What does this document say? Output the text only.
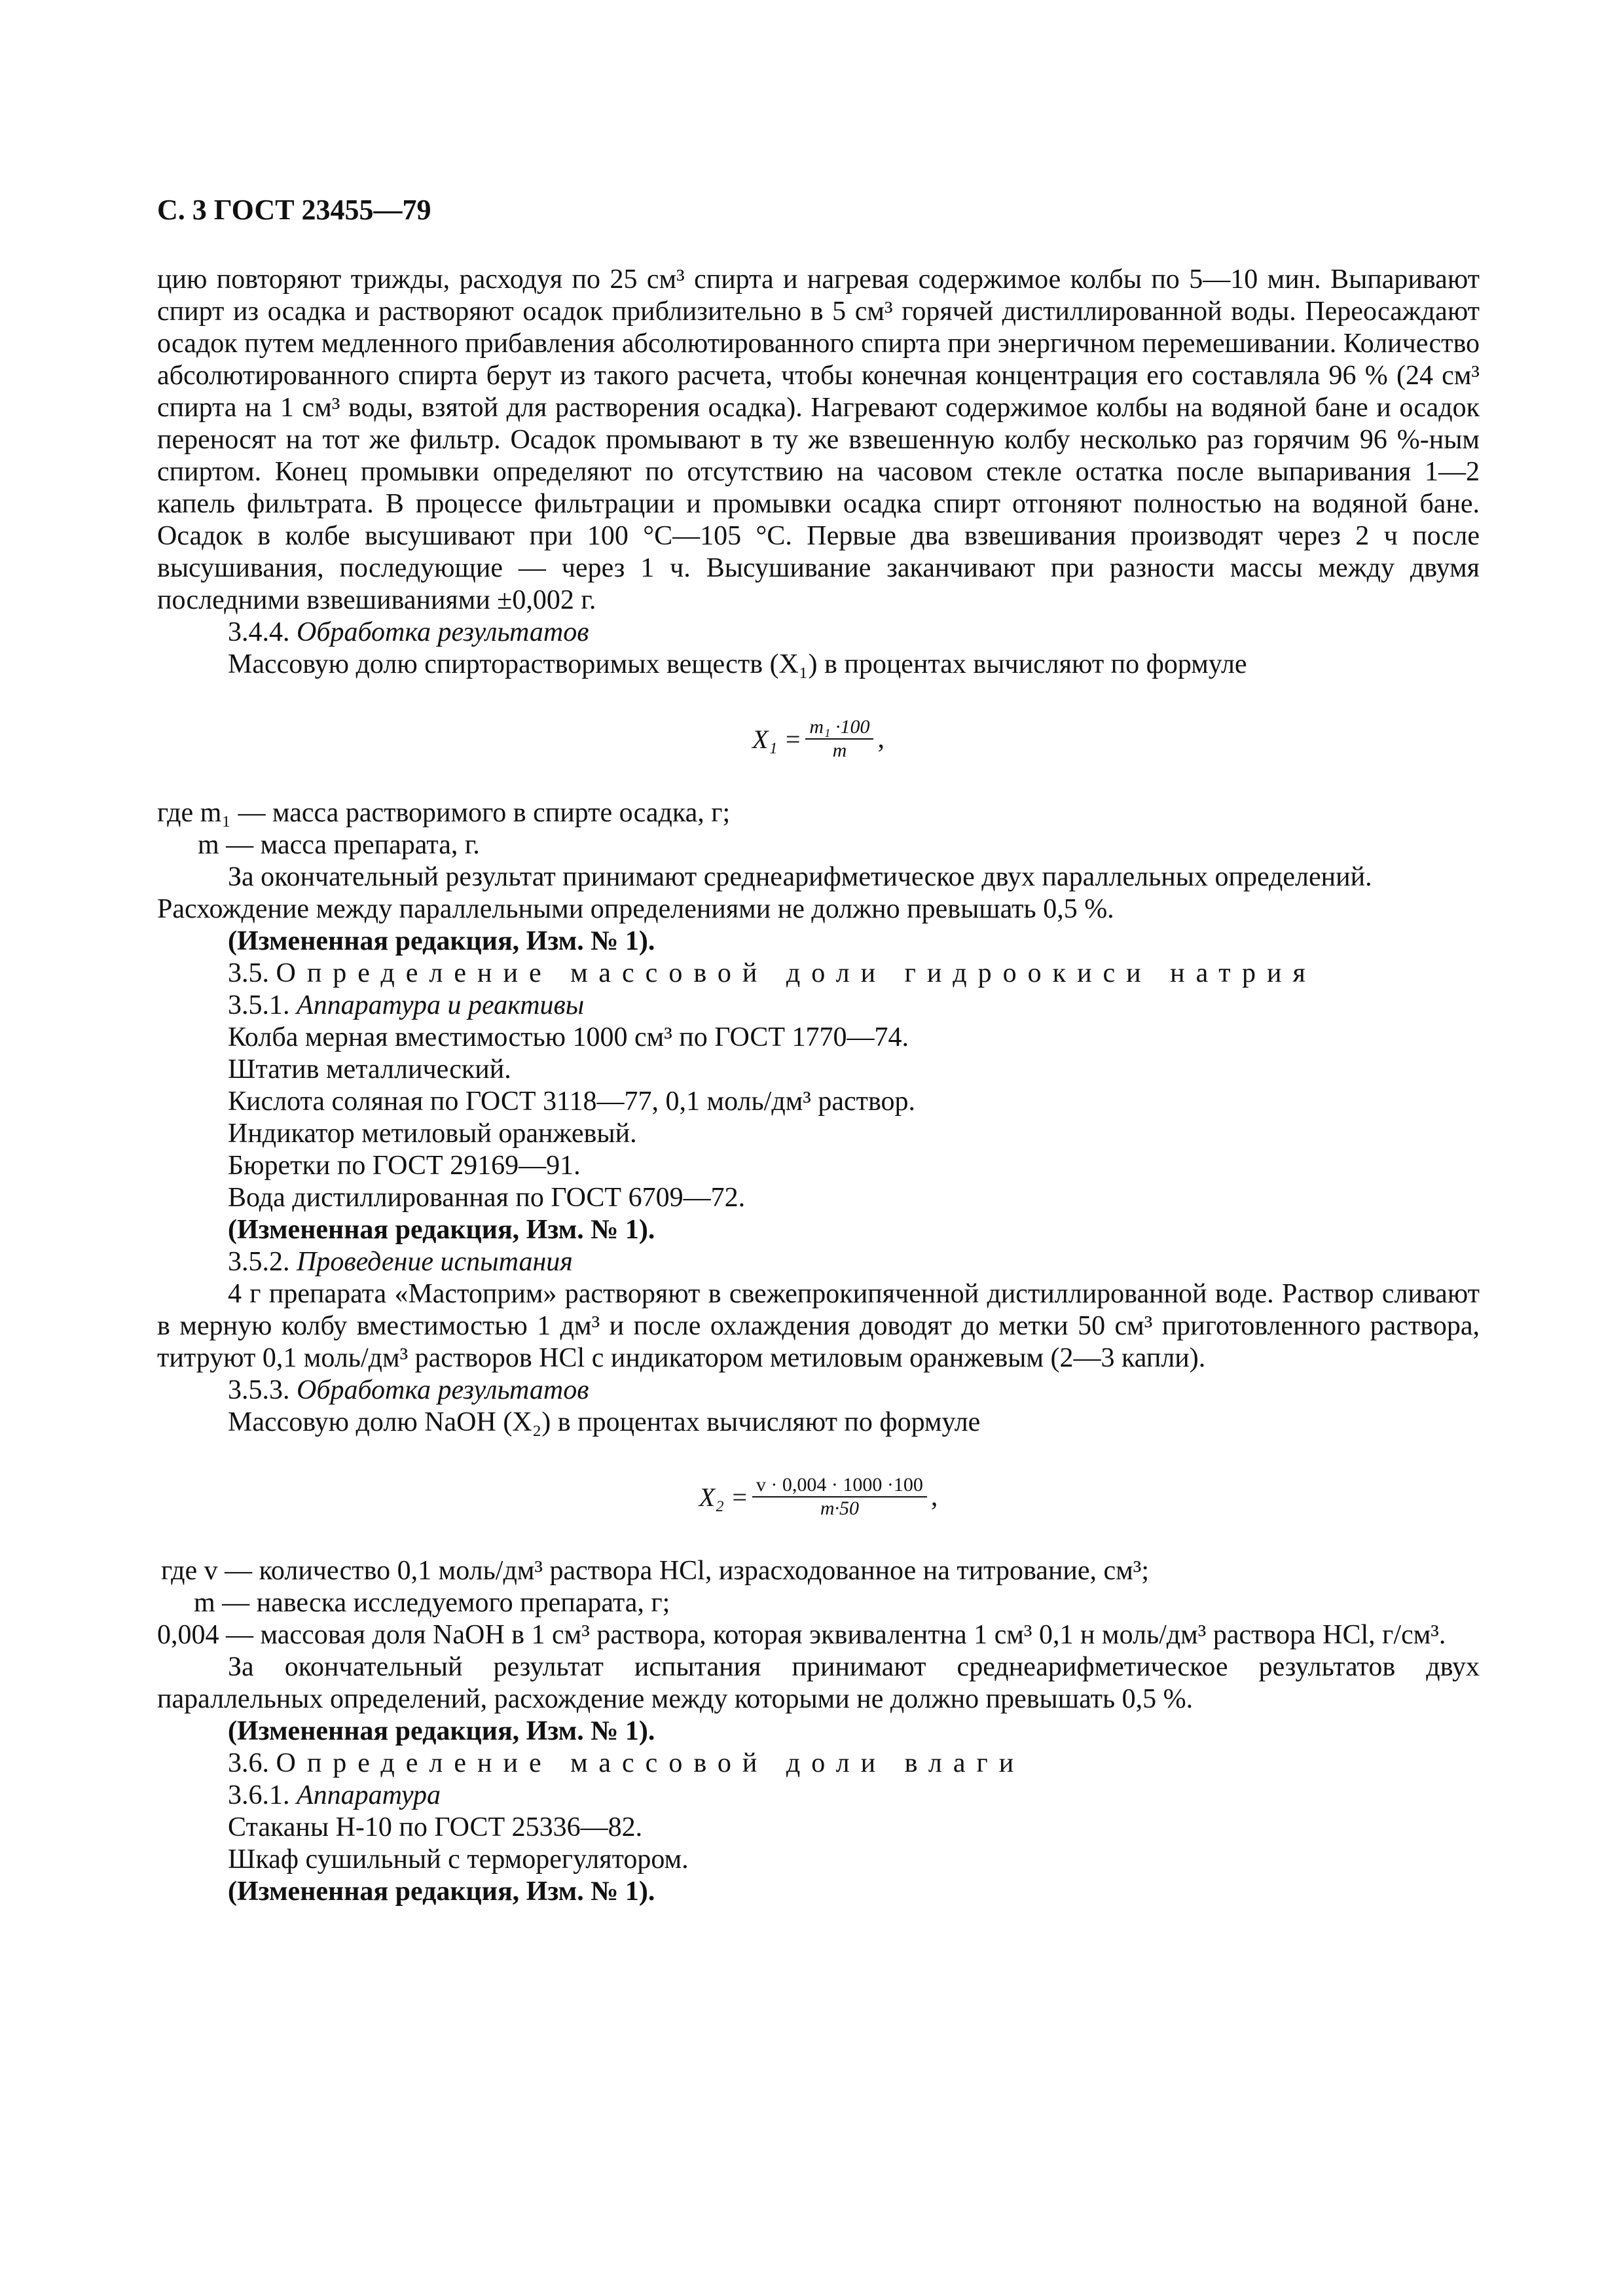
С. 3 ГОСТ 23455—79

цию повторяют трижды, расходуя по 25 см³ спирта и нагревая содержимое колбы по 5—10 мин. Выпаривают спирт из осадка и растворяют осадок приблизительно в 5 см³ горячей дистиллированной воды. Переосаждают осадок путем медленного прибавления абсолютированного спирта при энергичном перемешивании. Количество абсолютированного спирта берут из такого расчета, чтобы конечная концентрация его составляла 96 % (24 см³ спирта на 1 см³ воды, взятой для растворения осадка). Нагревают содержимое колбы на водяной бане и осадок переносят на тот же фильтр. Осадок промывают в ту же взвешенную колбу несколько раз горячим 96 %-ным спиртом. Конец промывки определяют по отсутствию на часовом стекле остатка после выпаривания 1—2 капель фильтрата. В процессе фильтрации и промывки осадка спирт отгоняют полностью на водяной бане. Осадок в колбе высушивают при 100 °С—105 °С. Первые два взвешивания производят через 2 ч после высушивания, последующие — через 1 ч. Высушивание заканчивают при разности массы между двумя последними взвешиваниями ±0,002 г.

3.4.4. Обработка результатов

Массовую долю спирторастворимых веществ (X₁) в процентах вычисляют по формуле

$X_1 = \frac{\text{m₁ ·100}}{m}$ ,

где m₁ — масса растворимого в спирте осадка, г;

m — масса препарата, г.

За окончательный результат принимают среднеарифметическое двух параллельных определений.

Расхождение между параллельными определениями не должно превышать 0,5 %.

(Измененная редакция, Изм. № 1).

3.5. Определение массовой доли гидроокиси натрия

3.5.1. Аппаратура и реактивы

Колба мерная вместимостью 1000 см³ по ГОСТ 1770—74.

Штатив металлический.

Кислота соляная по ГОСТ 3118—77, 0,1 моль/дм³ раствор.

Индикатор метиловый оранжевый.

Бюретки по ГОСТ 29169—91.

Вода дистиллированная по ГОСТ 6709—72.

(Измененная редакция, Изм. № 1).

3.5.2. Проведение испытания

4 г препарата «Мастоприм» растворяют в свежепрокипяченной дистиллированной воде. Раствор сливают в мерную колбу вместимостью 1 дм³ и после охлаждения доводят до метки 50 см³ приготовленного раствора, титруют 0,1 моль/дм³ растворов HCl с индикатором метиловым оранжевым (2—3 капли).

3.5.3. Обработка результатов

Массовую долю NaOH (X₂) в процентах вычисляют по формуле

$X_2 = \frac{v \cdot 0,004 \cdot 1000 \cdot 100}{m\cdot 50}$ ,

где v — количество 0,1 моль/дм³ раствора HCl, израсходованное на титрование, см³;

m — навеска исследуемого препарата, г;

0,004 — массовая доля NaOH в 1 см³ раствора, которая эквивалентна 1 см³ 0,1 н моль/дм³ раствора HCl, г/см³.

За окончательный результат испытания принимают среднеарифметическое результатов двух параллельных определений, расхождение между которыми не должно превышать 0,5 %.

(Измененная редакция, Изм. № 1).

3.6. Определение массовой доли влаги

3.6.1. Аппаратура

Стаканы Н-10 по ГОСТ 25336—82.

Шкаф сушильный с терморегулятором.

(Измененная редакция, Изм. № 1).
